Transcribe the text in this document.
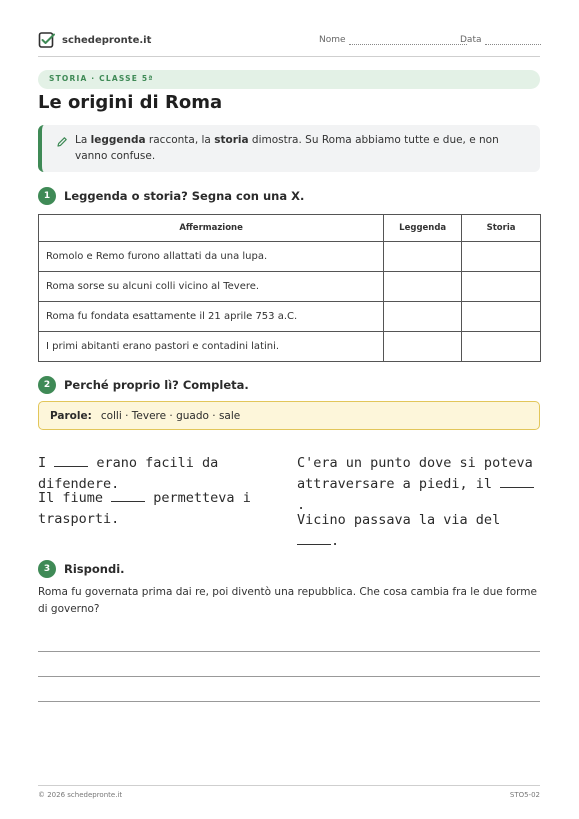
schedepronte.it	Nome	Data
STORIA · CLASSE 5ª
Le origini di Roma

La leggenda racconta, la storia dimostra. Su Roma abbiamo tutte e due, e non vanno confuse.

1	Leggenda o storia? Segna con una X.
Affermazione	Leggenda	Storia
Romolo e Remo furono allattati da una lupa.		
Roma sorse su alcuni colli vicino al Tevere.		
Roma fu fondata esattamente il 21 aprile 753 a.C.		
I primi abitanti erano pastori e contadini latini.		
2	Perché proprio lì? Completa.
Parole: colli · Tevere · guado · sale

I	erano facili da difendere.

Il fiume	permetteva i trasporti.

C'era un punto dove si poteva attraversare a piedi, il .

Vicino passava la via del .

3	Rispondi.

Roma fu governata prima dai re, poi diventò una repubblica. Che cosa cambia fra le due forme di governo?

© 2026 schedepronte.it	STO5-02
